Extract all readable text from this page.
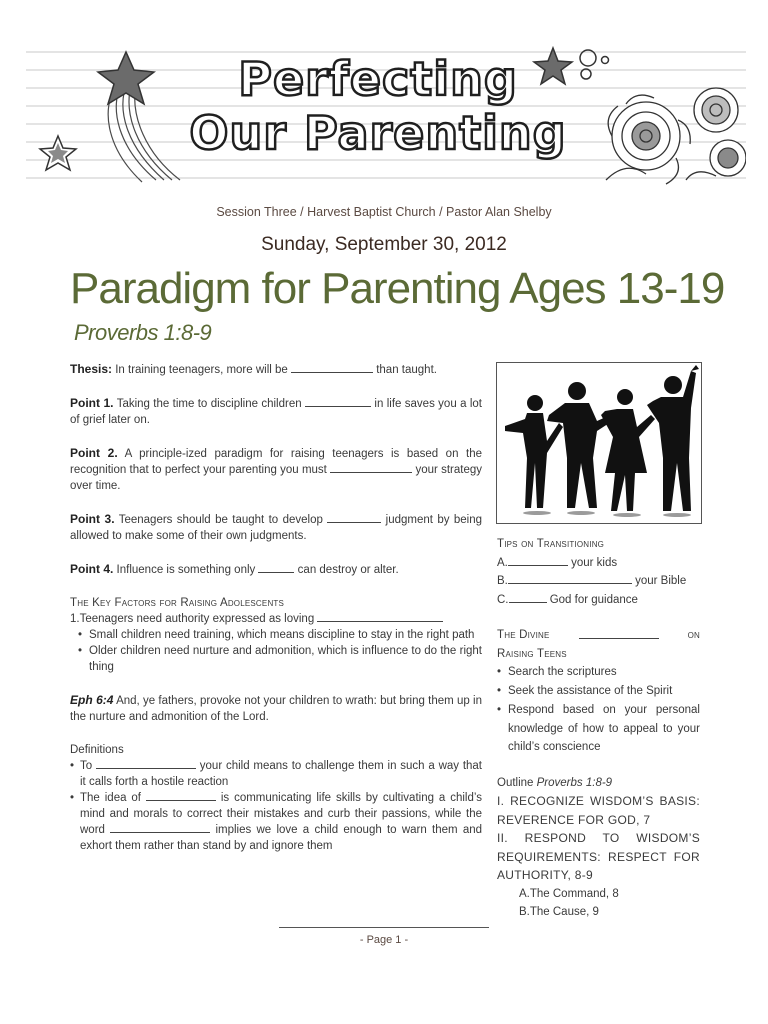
Perfecting
Our Parenting
Session Three / Harvest Baptist Church / Pastor Alan Shelby
Sunday, September 30, 2012
Paradigm for Parenting Ages 13-19
Proverbs 1:8-9

Thesis: In training teenagers, more will be	than taught.

Point 1. Taking the time to discipline children	in life saves you a lot of grief later on.

Point 2. A principle-ized paradigm for raising teenagers is based on the recognition that to perfect your parenting you must	your strategy over time.

Point 3. Teenagers should be taught to develop	judgment by being allowed to make some of their own judgments.

Point 4. Influence is something only	can destroy or alter.

The Key Factors for Raising Adolescents
1.Teenagers need authority expressed as loving
• Small children need training, which means discipline to stay in the right path
• Older children need nurture and admonition, which is influence to do the right thing

Eph 6:4 And, ye fathers, provoke not your children to wrath: but bring them up in the nurture and admonition of the Lord.

Definitions
• To	your child means to challenge them in such a way that it calls forth a hostile reaction
• The idea of	is communicating life skills by cultivating a child’s mind and morals to correct their mistakes and curb their passions, while the word	implies we love a child enough to warn them and exhort them rather than stand by and ignore them
Tips on Transitioning
A.	your kids
B.	your Bible
C.	God for guidance
The Divine	on
Raising Teens
• Search the scriptures
• Seek the assistance of the Spirit
• Respond based on your personal knowledge of how to appeal to your child’s conscience
Outline Proverbs 1:8-9
I. RECOGNIZE WISDOM’S BASIS: REVERENCE FOR GOD, 7
II. RESPOND TO WISDOM’S REQUIREMENTS: RESPECT FOR AUTHORITY, 8-9
A.The Command, 8
B.The Cause, 9
- Page 1 -
